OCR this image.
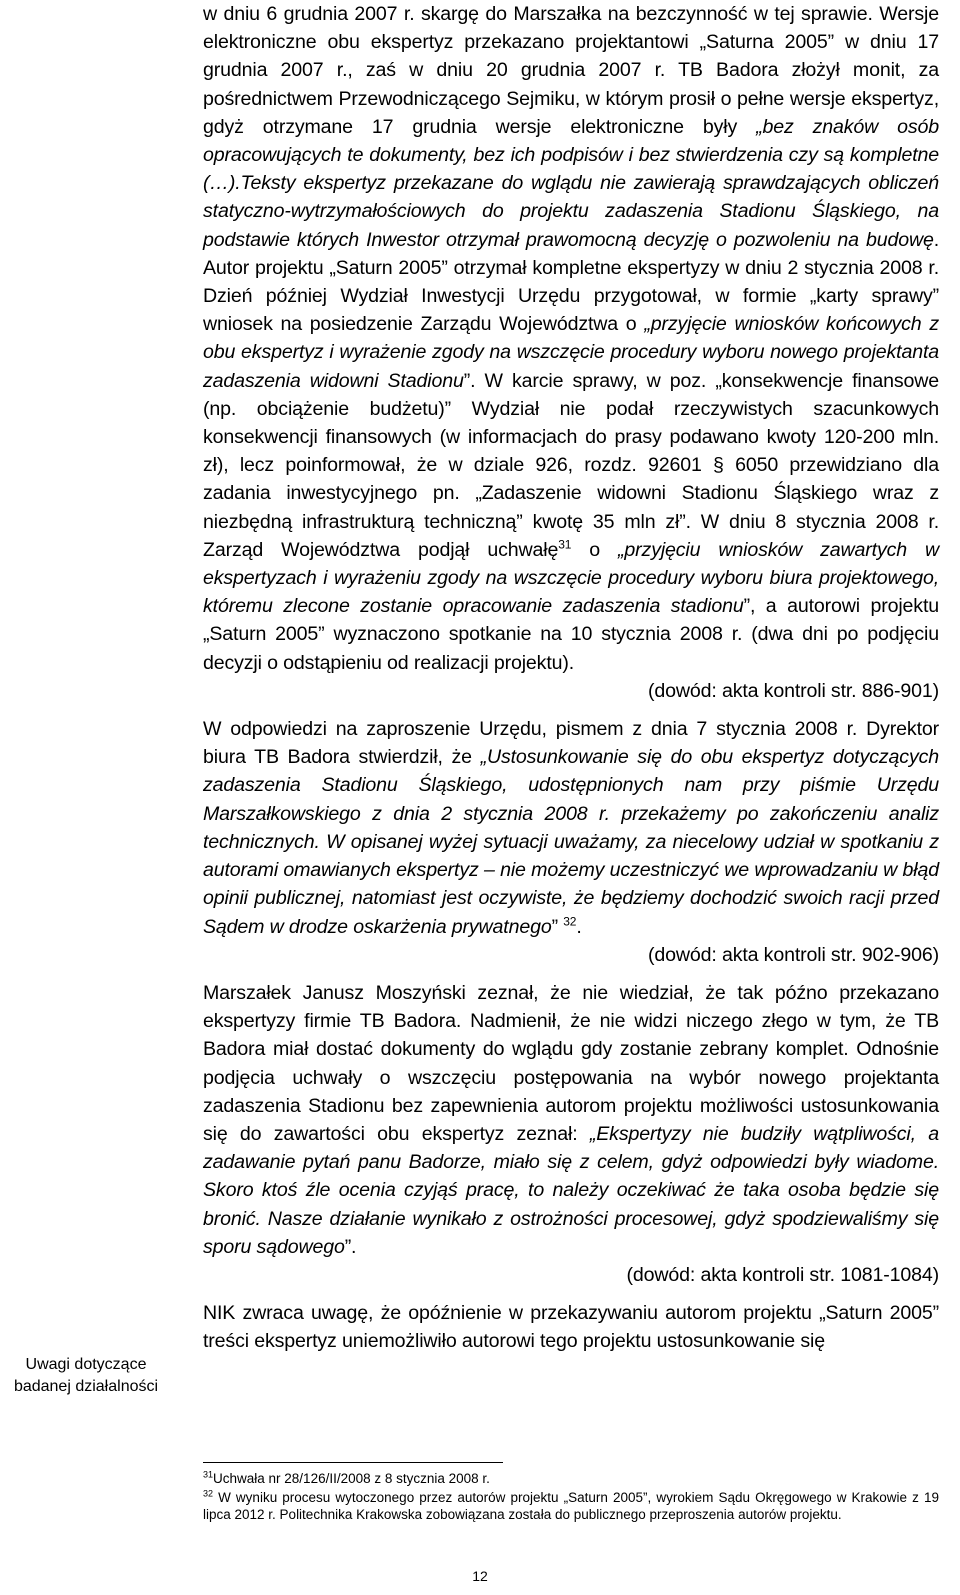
Uwagi dotyczące badanej działalności

w dniu 6 grudnia 2007 r. skargę do Marszałka na bezczynność w tej sprawie. Wersje elektroniczne obu ekspertyz przekazano projektantowi „Saturna 2005” w dniu 17 grudnia 2007 r., zaś w dniu 20 grudnia 2007 r. TB Badora złożył monit, za pośrednictwem Przewodniczącego Sejmiku, w którym prosił o pełne wersje ekspertyz, gdyż otrzymane 17 grudnia wersje elektroniczne były „bez znaków osób opracowujących te dokumenty, bez ich podpisów i bez stwierdzenia czy są kompletne (…).Teksty ekspertyz przekazane do wglądu nie zawierają sprawdzających obliczeń statyczno-wytrzymałościowych do projektu zadaszenia Stadionu Śląskiego, na podstawie których Inwestor otrzymał prawomocną decyzję o pozwoleniu na budowę. Autor projektu „Saturn 2005” otrzymał kompletne ekspertyzy w dniu 2 stycznia 2008 r. Dzień później Wydział Inwestycji Urzędu przygotował, w formie „karty sprawy” wniosek na posiedzenie Zarządu Województwa o „przyjęcie wniosków końcowych z obu ekspertyz i wyrażenie zgody na wszczęcie procedury wyboru nowego projektanta zadaszenia widowni Stadionu”. W karcie sprawy, w poz. „konsekwencje finansowe (np. obciążenie budżetu)” Wydział nie podał rzeczywistych szacunkowych konsekwencji finansowych (w informacjach do prasy podawano kwoty 120-200 mln. zł), lecz poinformował, że w dziale 926, rozdz. 92601 § 6050 przewidziano dla zadania inwestycyjnego pn. „Zadaszenie widowni Stadionu Śląskiego wraz z niezbędną infrastrukturą techniczną” kwotę 35 mln zł”. W dniu 8 stycznia 2008 r. Zarząd Województwa podjął uchwałę$^{31}$ o „przyjęciu wniosków zawartych w ekspertyzach i wyrażeniu zgody na wszczęcie procedury wyboru biura projektowego, któremu zlecone zostanie opracowanie zadaszenia stadionu”, a autorowi projektu „Saturn 2005” wyznaczono spotkanie na 10 stycznia 2008 r. (dwa dni po podjęciu decyzji o odstąpieniu od realizacji projektu).

(dowód: akta kontroli str. 886-901)

W odpowiedzi na zaproszenie Urzędu, pismem z dnia 7 stycznia 2008 r. Dyrektor biura TB Badora stwierdził, że „Ustosunkowanie się do obu ekspertyz dotyczących zadaszenia Stadionu Śląskiego, udostępnionych nam przy piśmie Urzędu Marszałkowskiego z dnia 2 stycznia 2008 r. przekażemy po zakończeniu analiz technicznych. W opisanej wyżej sytuacji uważamy, za niecelowy udział w spotkaniu z autorami omawianych ekspertyz – nie możemy uczestniczyć we wprowadzaniu w błąd opinii publicznej, natomiast jest oczywiste, że będziemy dochodzić swoich racji przed Sądem w drodze oskarżenia prywatnego” $^{32}$.

(dowód: akta kontroli str. 902-906)

Marszałek Janusz Moszyński zeznał, że nie wiedział, że tak późno przekazano ekspertyzy firmie TB Badora. Nadmienił, że nie widzi niczego złego w tym, że TB Badora miał dostać dokumenty do wglądu gdy zostanie zebrany komplet. Odnośnie podjęcia uchwały o wszczęciu postępowania na wybór nowego projektanta zadaszenia Stadionu bez zapewnienia autorom projektu możliwości ustosunkowania się do zawartości obu ekspertyz zeznał: „Ekspertyzy nie budziły wątpliwości, a zadawanie pytań panu Badorze, miało się z celem, gdyż odpowiedzi były wiadome. Skoro ktoś źle ocenia czyjąś pracę, to należy oczekiwać że taka osoba będzie się bronić. Nasze działanie wynikało z ostrożności procesowej, gdyż spodziewaliśmy się sporu sądowego”.

(dowód: akta kontroli str. 1081-1084)

NIK zwraca uwagę, że opóźnienie w przekazywaniu autorom projektu „Saturn 2005” treści ekspertyz uniemożliwiło autorowi tego projektu ustosunkowanie się

$^{31}$Uchwała nr 28/126/II/2008 z 8 stycznia 2008 r.

$^{32}$ W wyniku procesu wytoczonego przez autorów projektu „Saturn 2005”, wyrokiem Sądu Okręgowego w Krakowie z 19 lipca 2012 r. Politechnika Krakowska zobowiązana została do publicznego przeproszenia autorów projektu.

12
